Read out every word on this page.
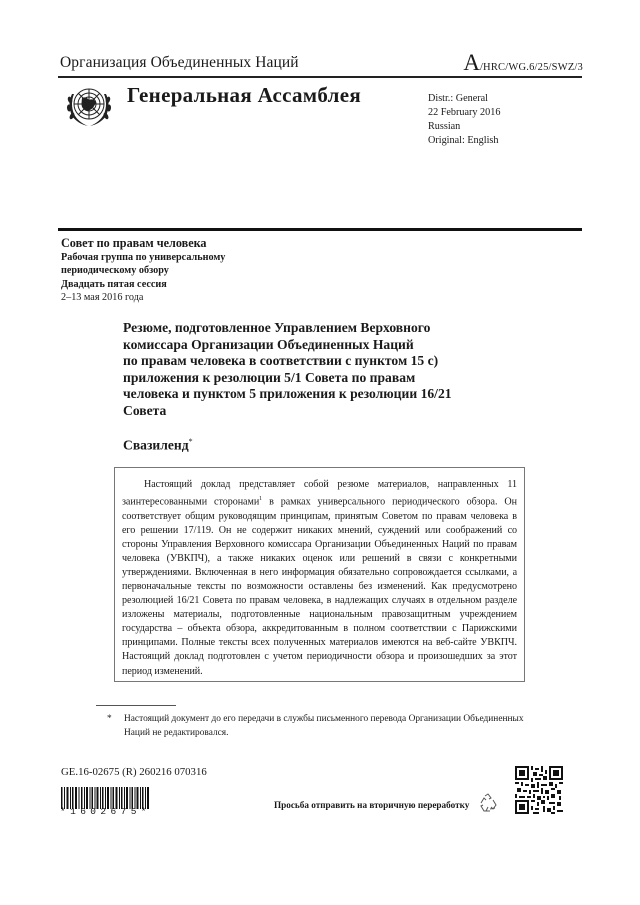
Организация Объединенных Наций	A/HRC/WG.6/25/SWZ/3
Генеральная Ассамблея	Distr.: General
22 February 2016
Russian
Original: English
Совет по правам человека
Рабочая группа по универсальному
периодическому обзору
Двадцать пятая сессия
2–13 мая 2016 года
Резюме, подготовленное Управлением Верховного
комиссара Организации Объединенных Наций
по правам человека в соответствии с пунктом 15 с)
приложения к резолюции 5/1 Совета по правам
человека и пунктом 5 приложения к резолюции 16/21
Совета
Свазиленд*
Настоящий доклад представляет собой резюме материалов, направленных 11 заинтересованными сторонами$^1$ в рамках универсального периодического обзора. Он соответствует общим руководящим принципам, принятым Советом по правам человека в его решении 17/119. Он не содержит никаких мнений, суждений или соображений со стороны Управления Верховного комиссара Организации Объединенных Наций по правам человека (УВКПЧ), а также никаких оценок или решений в связи с конкретными утверждениями. Включенная в него информация обязательно сопровождается ссылками, а первоначальные тексты по возможности оставлены без изменений. Как предусмотрено резолюцией 16/21 Совета по правам человека, в надлежащих случаях в отдельном разделе изложены материалы, подготовленные национальным правозащитным учреждением государства – объекта обзора, аккредитованным в полном соответствии с Парижскими принципами. Полные тексты всех полученных материалов имеются на веб-сайте УВКПЧ. Настоящий доклад подготовлен с учетом периодичности обзора и произошедших за этот период изменений.
*	Настоящий документ до его передачи в службы письменного перевода Организации Объединенных Наций не редактировался.
GE.16-02675 (R) 260216 070316
*1602675*
Просьба отправить на вторичную переработку
